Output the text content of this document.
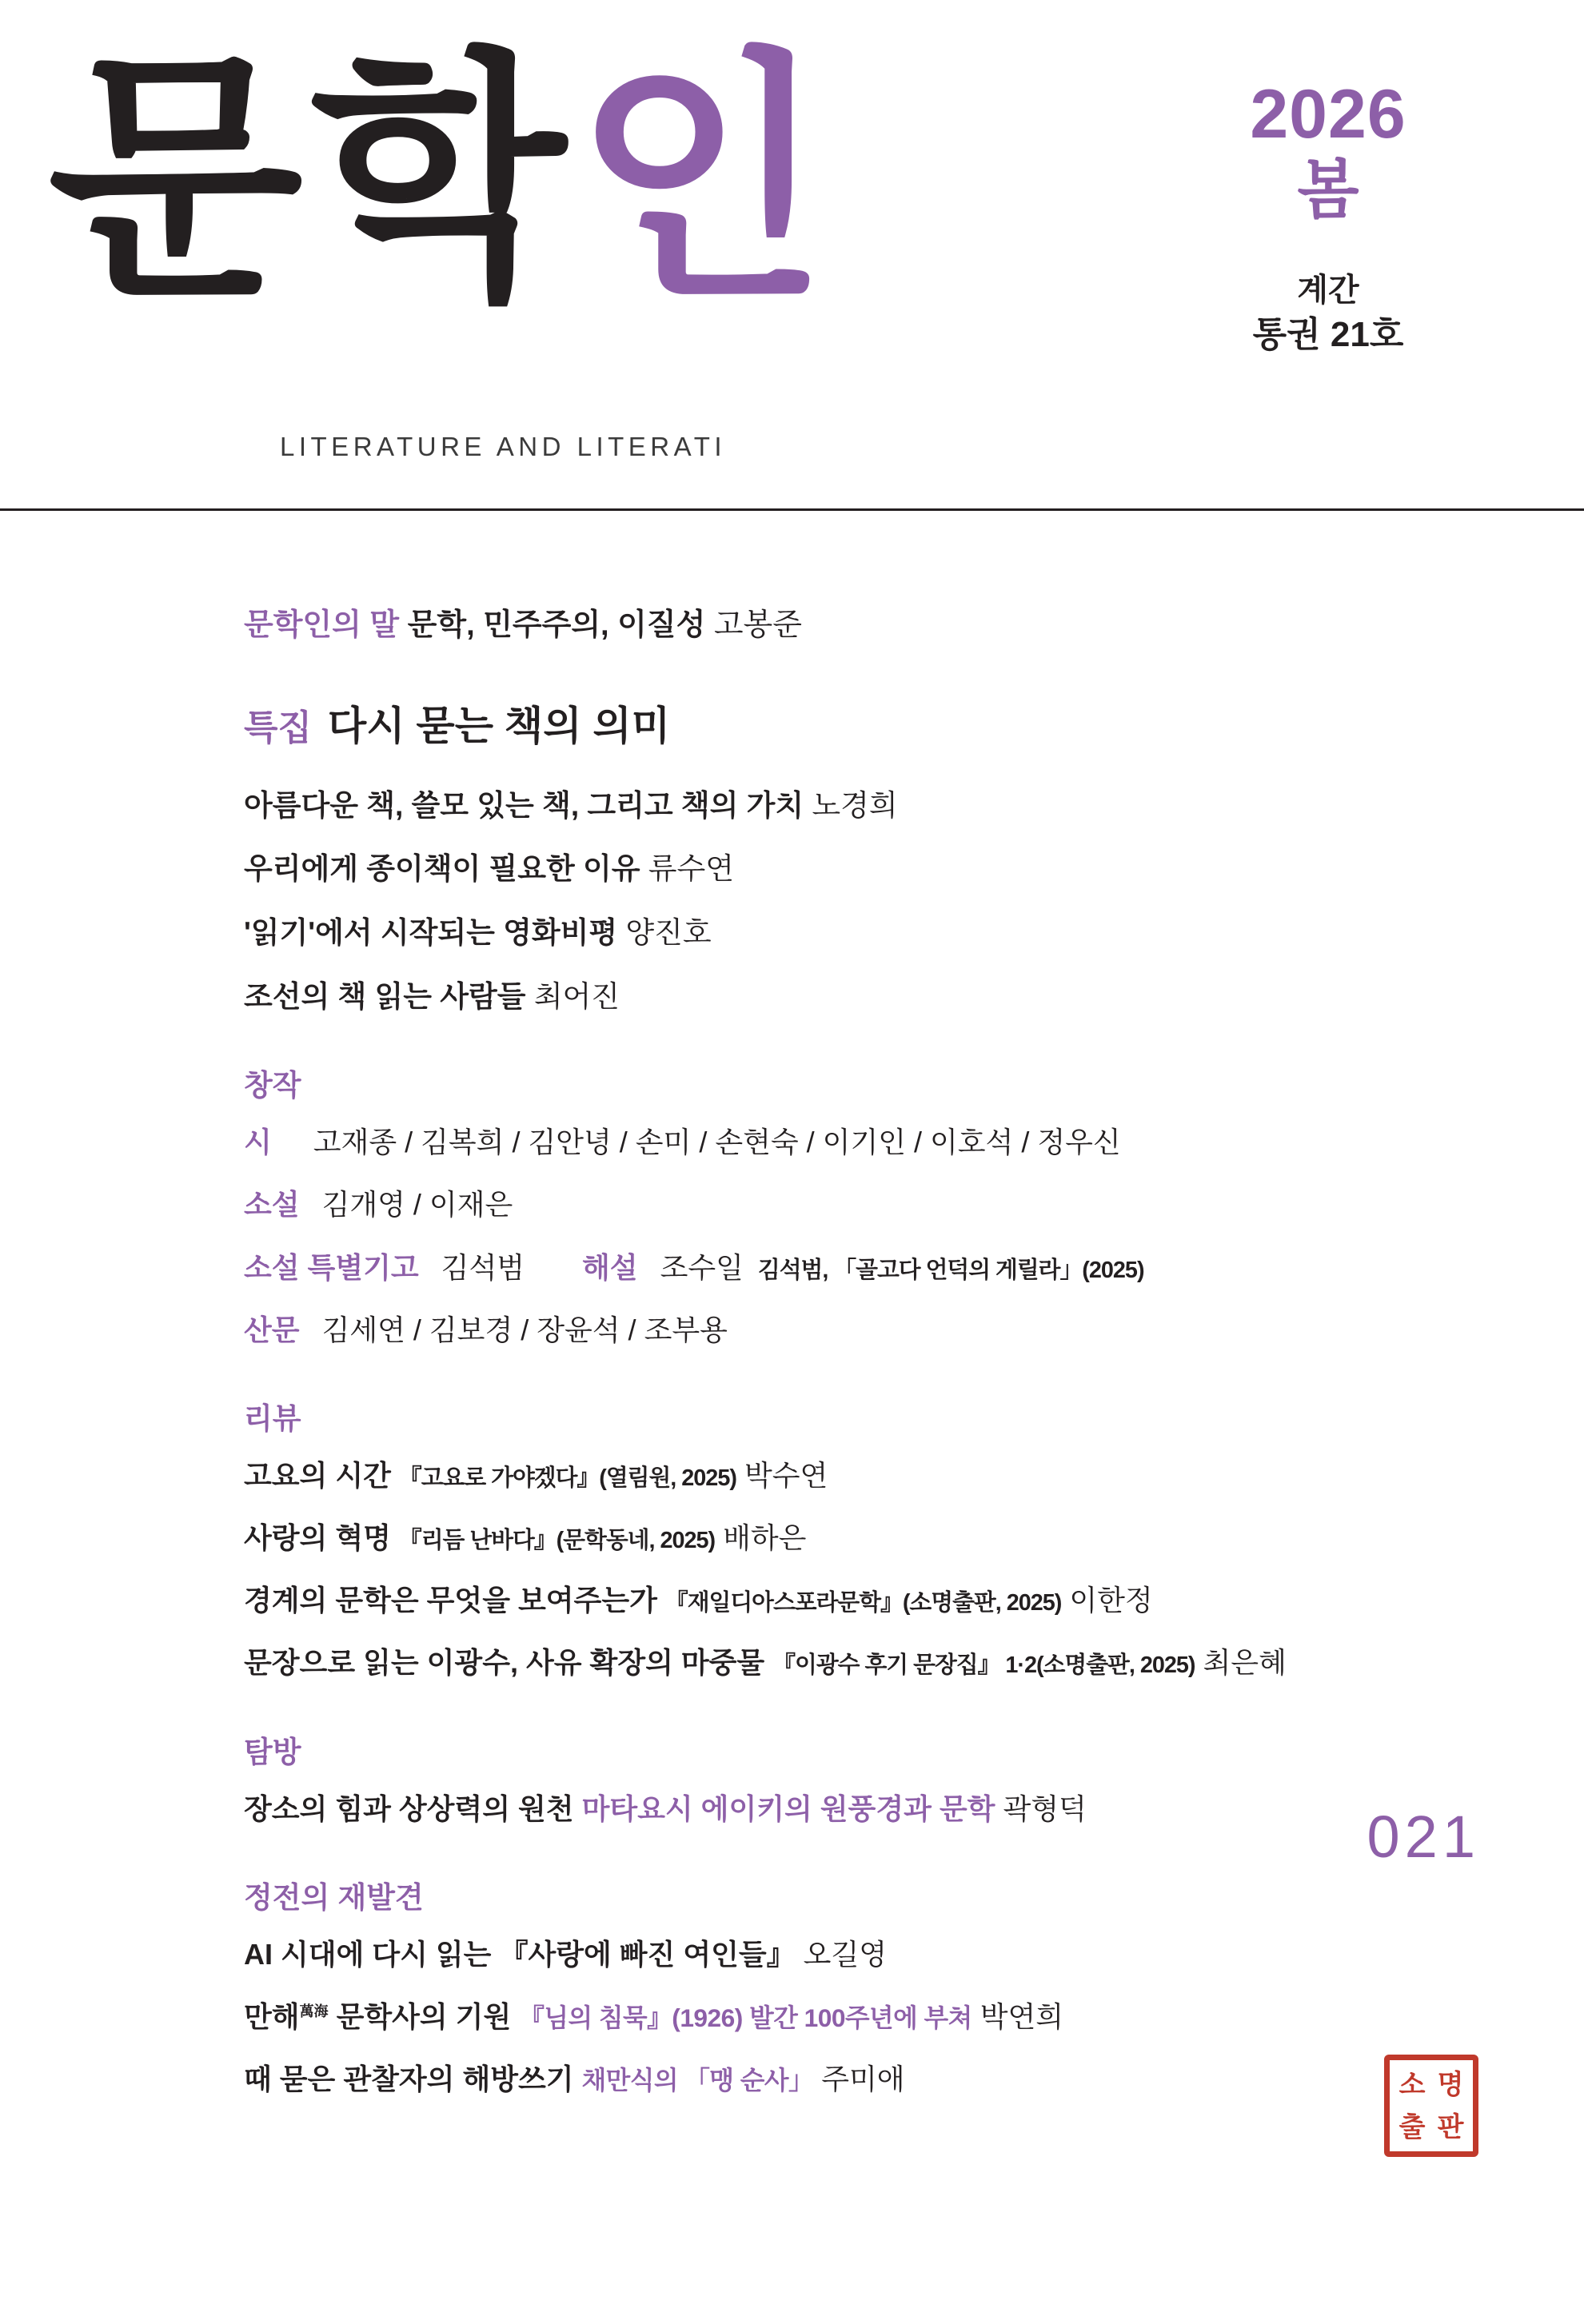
문학인
LITERATURE AND LITERATI
2026
봄
계간
통권 21호
문학인의 말 문학, 민주주의, 이질성 고봉준
특집 다시 묻는 책의 의미
아름다운 책, 쓸모 있는 책, 그리고 책의 가치 노경희
우리에게 종이책이 필요한 이유 류수연
'읽기'에서 시작되는 영화비평 양진호
조선의 책 읽는 사람들 최어진
창작
시 고재종 / 김복희 / 김안녕 / 손미 / 손현숙 / 이기인 / 이호석 / 정우신
소설 김개영 / 이재은
소설 특별기고 김석범 해설 조수일 김석범, 「골고다 언덕의 게릴라」(2025)
산문 김세연 / 김보경 / 장윤석 / 조부용
리뷰
고요의 시간 『고요로 가야겠다』(열림원, 2025) 박수연
사랑의 혁명 『리듬 난바다』(문학동네, 2025) 배하은
경계의 문학은 무엇을 보여주는가 『재일디아스포라문학』(소명출판, 2025) 이한정
문장으로 읽는 이광수, 사유 확장의 마중물 『이광수 후기 문장집』 1·2(소명출판, 2025) 최은혜
탐방
장소의 힘과 상상력의 원천 마타요시 에이키의 원풍경과 문학 곽형덕
정전의 재발견
AI 시대에 다시 읽는 『사랑에 빠진 여인들』 오길영
만해$^{萬海}$ 문학사의 기원 『님의 침묵』(1926) 발간 100주년에 부쳐 박연희
때 묻은 관찰자의 해방쓰기 채만식의 「맹 순사」 주미애
021
소 명
출 판
